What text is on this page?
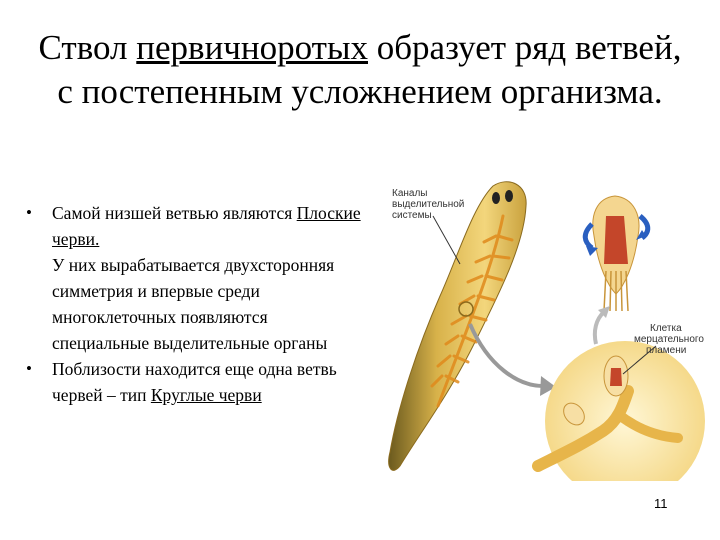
Ствол первичноротых образует ряд ветвей, с постепенным усложнением организма.
• Самой низшей ветвью являются Плоские черви.
У них вырабатывается двухсторонняя симметрия и впервые среди многоклеточных появляются специальные выделительные органы
• Поблизости находится еще одна ветвь червей – тип Круглые черви
Каналы
выделительной
системы
Клетка
мерцательного
пламени
11
